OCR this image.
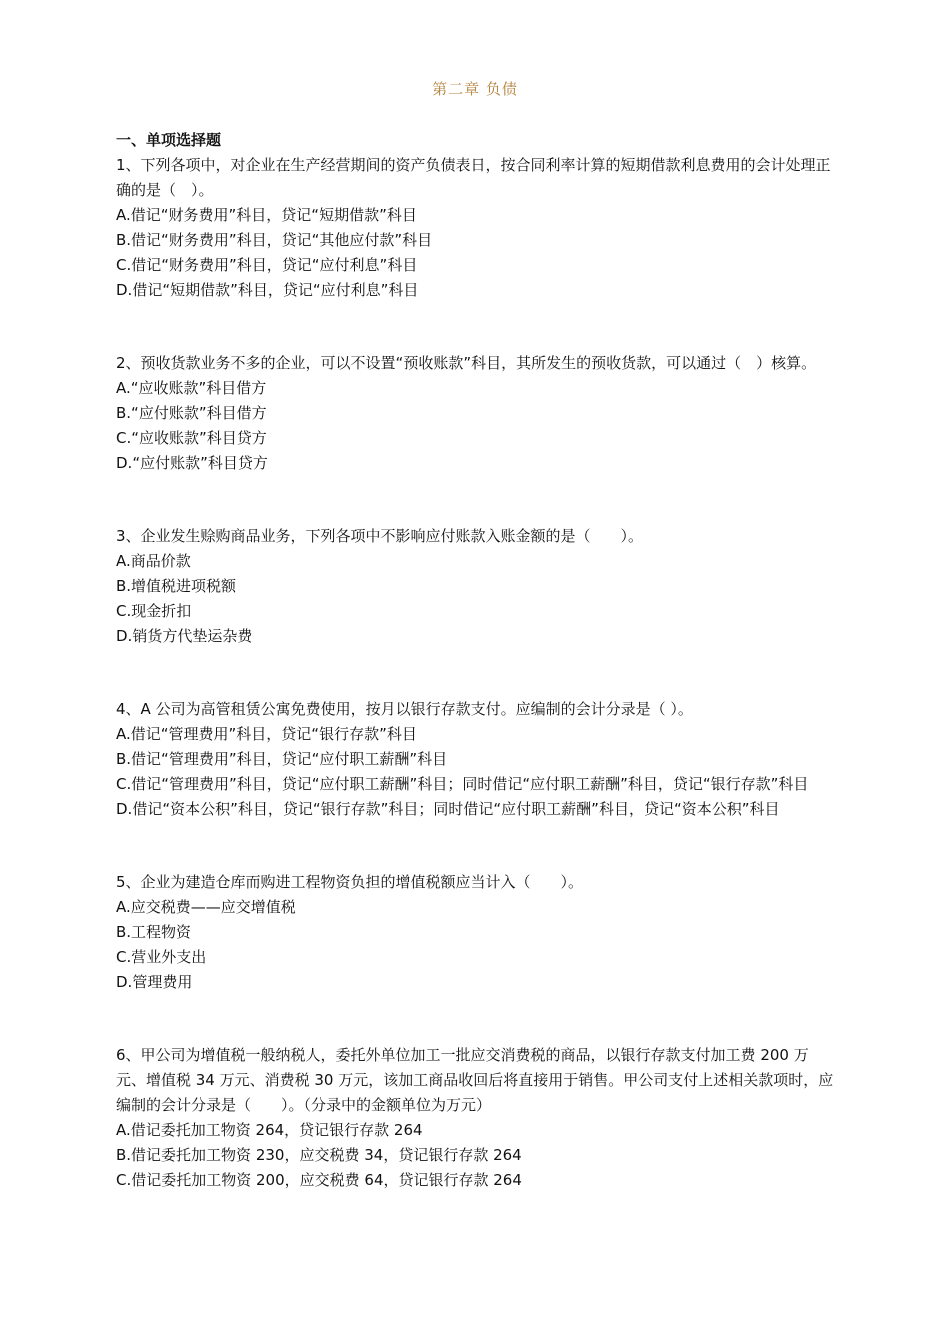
第二章 负债

一、单项选择题

1、下列各项中，对企业在生产经营期间的资产负债表日，按合同利率计算的短期借款利息费用的会计处理正确的是（　）。

A.借记“财务费用”科目，贷记“短期借款”科目

B.借记“财务费用”科目，贷记“其他应付款”科目

C.借记“财务费用”科目，贷记“应付利息”科目

D.借记“短期借款”科目，贷记“应付利息”科目

2、预收货款业务不多的企业，可以不设置“预收账款”科目，其所发生的预收货款，可以通过（　）核算。

A.“应收账款”科目借方

B.“应付账款”科目借方

C.“应收账款”科目贷方

D.“应付账款”科目贷方

3、企业发生赊购商品业务，下列各项中不影响应付账款入账金额的是（　　）。

A.商品价款

B.增值税进项税额

C.现金折扣

D.销货方代垫运杂费

4、A 公司为高管租赁公寓免费使用，按月以银行存款支付。应编制的会计分录是（ ）。

A.借记“管理费用”科目，贷记“银行存款”科目

B.借记“管理费用”科目，贷记“应付职工薪酬”科目

C.借记“管理费用”科目，贷记“应付职工薪酬”科目；同时借记“应付职工薪酬”科目，贷记“银行存款”科目

D.借记“资本公积”科目，贷记“银行存款”科目；同时借记“应付职工薪酬”科目，贷记“资本公积”科目

5、企业为建造仓库而购进工程物资负担的增值税额应当计入（　　）。

A.应交税费——应交增值税

B.工程物资

C.营业外支出

D.管理费用

6、甲公司为增值税一般纳税人，委托外单位加工一批应交消费税的商品，以银行存款支付加工费 200 万元、增值税 34 万元、消费税 30 万元，该加工商品收回后将直接用于销售。甲公司支付上述相关款项时，应编制的会计分录是（　　）。（分录中的金额单位为万元）

A.借记委托加工物资 264，贷记银行存款 264

B.借记委托加工物资 230，应交税费 34，贷记银行存款 264

C.借记委托加工物资 200，应交税费 64，贷记银行存款 264
